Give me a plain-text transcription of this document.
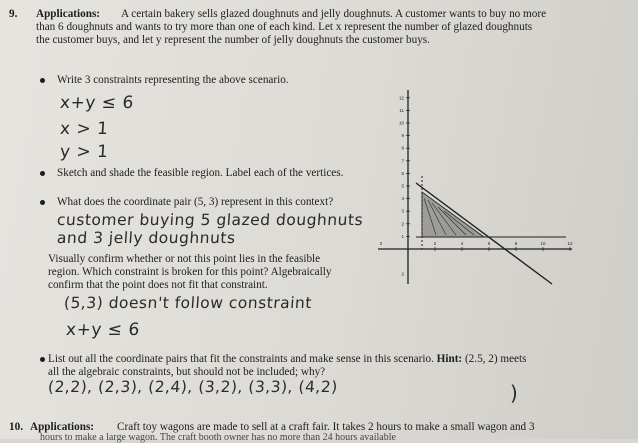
9. Applications: A certain bakery sells glazed doughnuts and jelly doughnuts. A customer wants to buy no more
than 6 doughnuts and wants to try more than one of each kind. Let x represent the number of glazed doughnuts
the customer buys, and let y represent the number of jelly doughnuts the customer buys.
Write 3 constraints representing the above scenario.
x+y ≤ 6
x > 1
y > 1
Sketch and shade the feasible region. Label each of the vertices.
What does the coordinate pair (5, 3) represent in this context?
customer buying 5 glazed doughnuts
and 3 jelly doughnuts
Visually confirm whether or not this point lies in the feasible
region. Which constraint is broken for this point? Algebraically
confirm that the point does not fit that constraint.
(5,3) doesn't follow constraint
x+y ≤ 6
List out all the coordinate pairs that fit the constraints and make sense in this scenario. Hint: (2.5, 2) meets
all the algebraic constraints, but should not be included; why?
(2,2), (2,3), (2,4), (3,2), (3,3), (4,2)	)
10. Applications: Craft toy wagons are made to sell at a craft fair. It takes 2 hours to make a small wagon and 3
hours to make a large wagon. The craft booth owner has no more than 24 hours available
12
11
10
9
8
7
6
5
4
3
2
1
2	4	6	8	10	12
2
2
